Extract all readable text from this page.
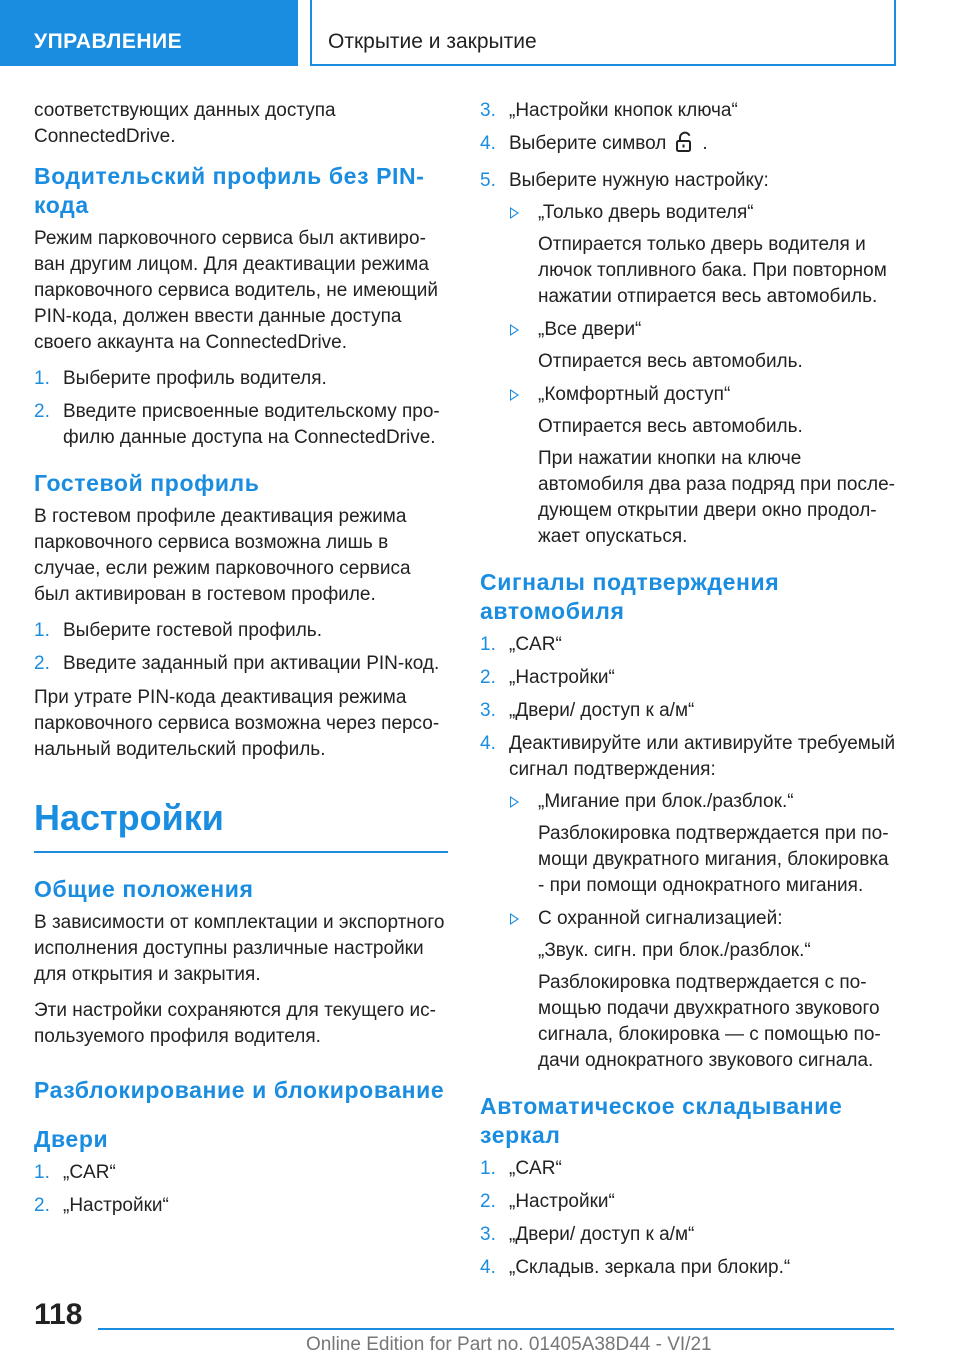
УПРАВЛЕНИЕ	Открытие и закрытие

соответствующих данных доступа ConnectedDrive.

Водительский профиль без PIN-кода

Режим парковочного сервиса был активирован другим лицом. Для деактивации режима парковочного сервиса водитель, не имеющий PIN-кода, должен ввести данные доступа своего аккаунта на ConnectedDrive.

1. Выберите профиль водителя.
2. Введите присвоенные водительскому профилю данные доступа на ConnectedDrive.
Гостевой профиль

В гостевом профиле деактивация режима парковочного сервиса возможна лишь в случае, если режим парковочного сервиса был активирован в гостевом профиле.

1. Выберите гостевой профиль.
2. Введите заданный при активации PIN-код.

При утрате PIN-кода деактивация режима парковочного сервиса возможна через персональный водительский профиль.

Настройки
Общие положения

В зависимости от комплектации и экспортного исполнения доступны различные настройки для открытия и закрытия.

Эти настройки сохраняются для текущего используемого профиля водителя.

Разблокирование и блокирование
Двери
1. „CAR“
2. „Настройки“
3. „Настройки кнопок ключа“
4. Выберите символ .
5. Выберите нужную настройку:
„Только дверь водителя“
Отпирается только дверь водителя и лючок топливного бака. При повторном нажатии отпирается весь автомобиль.
„Все двери“
Отпирается весь автомобиль.
„Комфортный доступ“
Отпирается весь автомобиль.
При нажатии кнопки на ключе автомобиля два раза подряд при последующем открытии двери окно продолжает опускаться.
Сигналы подтверждения автомобиля
1. „CAR“
2. „Настройки“
3. „Двери/ доступ к а/м“
4. Деактивируйте или активируйте требуемый сигнал подтверждения:
„Мигание при блок./разблок.“
Разблокировка подтверждается при помощи двукратного мигания, блокировка - при помощи однократного мигания.
С охранной сигнализацией:
„Звук. сигн. при блок./разблок.“
Разблокировка подтверждается с помощью подачи двухкратного звукового сигнала, блокировка — с помощью подачи однократного звукового сигнала.
Автоматическое складывание зеркал
1. „CAR“
2. „Настройки“
3. „Двери/ доступ к а/м“
4. „Складыв. зеркала при блокир.“
118
Online Edition for Part no. 01405A38D44 - VI/21
